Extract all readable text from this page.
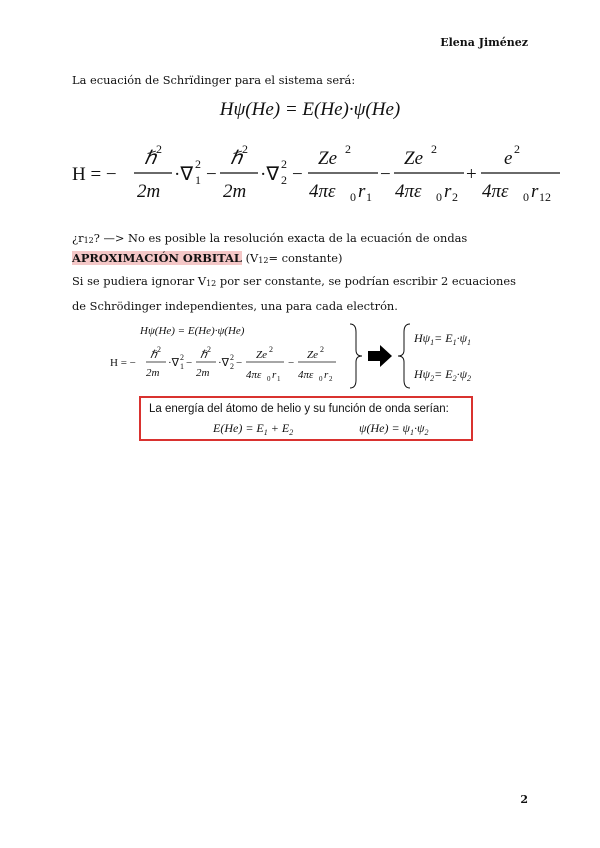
Elena Jiménez
La ecuación de Schrïdinger para el sistema será:
Hψ(He) = E(He)·ψ(He)
H = −
ℏ 2
2m
·∇ 1
2 −
ℏ 2
2m
·∇ 2
2 −
Ze 2
4πε 0 r 1
−
Ze 2
4πε 0 r 2
+
e 2
4πε 0 r 12
¿r12? —> No es posible la resolución exacta de la ecuación de ondas
APROXIMACIÓN ORBITAL (V12= constante)
Si se pudiera ignorar V12 por ser constante, se podrían escribir 2 ecuaciones de Schrödinger independientes, una para cada electrón.
Hψ(He) = E(He)·ψ(He)
H = −
ℏ 2
2m
·∇ 1
2 −
ℏ 2
2m
·∇ 2
2 −
Ze 2
4πε 0 r 1
−
Ze 2
4πε 0 r 2
$H\psi_1= E_1\cdot\psi_1$
$H\psi_2= E_2\cdot\psi_2$
La energía del átomo de helio y su función de onda serían:
$E(He) = E_1 + E_2$	$\psi(He) = \psi_1\cdot\psi_2$
2
